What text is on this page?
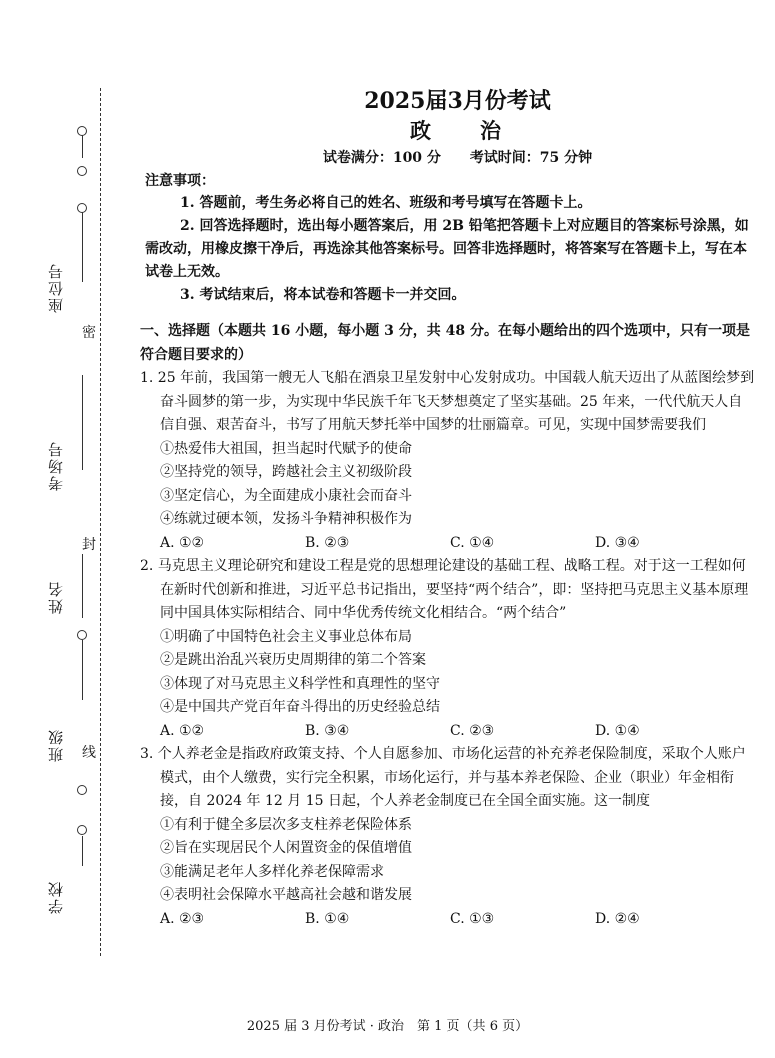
密
封
线
座位号
考场号
姓名
班级
学校
2025届3月份考试
政　治
试卷满分：100 分 考试时间：75 分钟
注意事项：
1. 答题前，考生务必将自己的姓名、班级和考号填写在答题卡上。
2. 回答选择题时，选出每小题答案后，用 2B 铅笔把答题卡上对应题目的答案标号涂黑，如需改动，用橡皮擦干净后，再选涂其他答案标号。回答非选择题时，将答案写在答题卡上，写在本试卷上无效。
3. 考试结束后，将本试卷和答题卡一并交回。
一、选择题（本题共 16 小题，每小题 3 分，共 48 分。在每小题给出的四个选项中，只有一项是符合题目要求的）
1. 25 年前，我国第一艘无人飞船在酒泉卫星发射中心发射成功。中国载人航天迈出了从蓝图绘梦到奋斗圆梦的第一步，为实现中华民族千年飞天梦想奠定了坚实基础。25 年来，一代代航天人自信自强、艰苦奋斗，书写了用航天梦托举中国梦的壮丽篇章。可见，实现中国梦需要我们
①热爱伟大祖国，担当起时代赋予的使命
②坚持党的领导，跨越社会主义初级阶段
③坚定信心，为全面建成小康社会而奋斗
④练就过硬本领，发扬斗争精神积极作为
A. ①②	B. ②③	C. ①④	D. ③④
2. 马克思主义理论研究和建设工程是党的思想理论建设的基础工程、战略工程。对于这一工程如何在新时代创新和推进，习近平总书记指出，要坚持“两个结合”，即：坚持把马克思主义基本原理同中国具体实际相结合、同中华优秀传统文化相结合。“两个结合”
①明确了中国特色社会主义事业总体布局
②是跳出治乱兴衰历史周期律的第二个答案
③体现了对马克思主义科学性和真理性的坚守
④是中国共产党百年奋斗得出的历史经验总结
A. ①②	B. ③④	C. ②③	D. ①④
3. 个人养老金是指政府政策支持、个人自愿参加、市场化运营的补充养老保险制度，采取个人账户模式，由个人缴费，实行完全积累，市场化运行，并与基本养老保险、企业（职业）年金相衔接，自 2024 年 12 月 15 日起，个人养老金制度已在全国全面实施。这一制度
①有利于健全多层次多支柱养老保险体系
②旨在实现居民个人闲置资金的保值增值
③能满足老年人多样化养老保障需求
④表明社会保障水平越高社会越和谐发展
A. ②③	B. ①④	C. ①③	D. ②④
2025 届 3 月份考试 · 政治　第 1 页（共 6 页）
